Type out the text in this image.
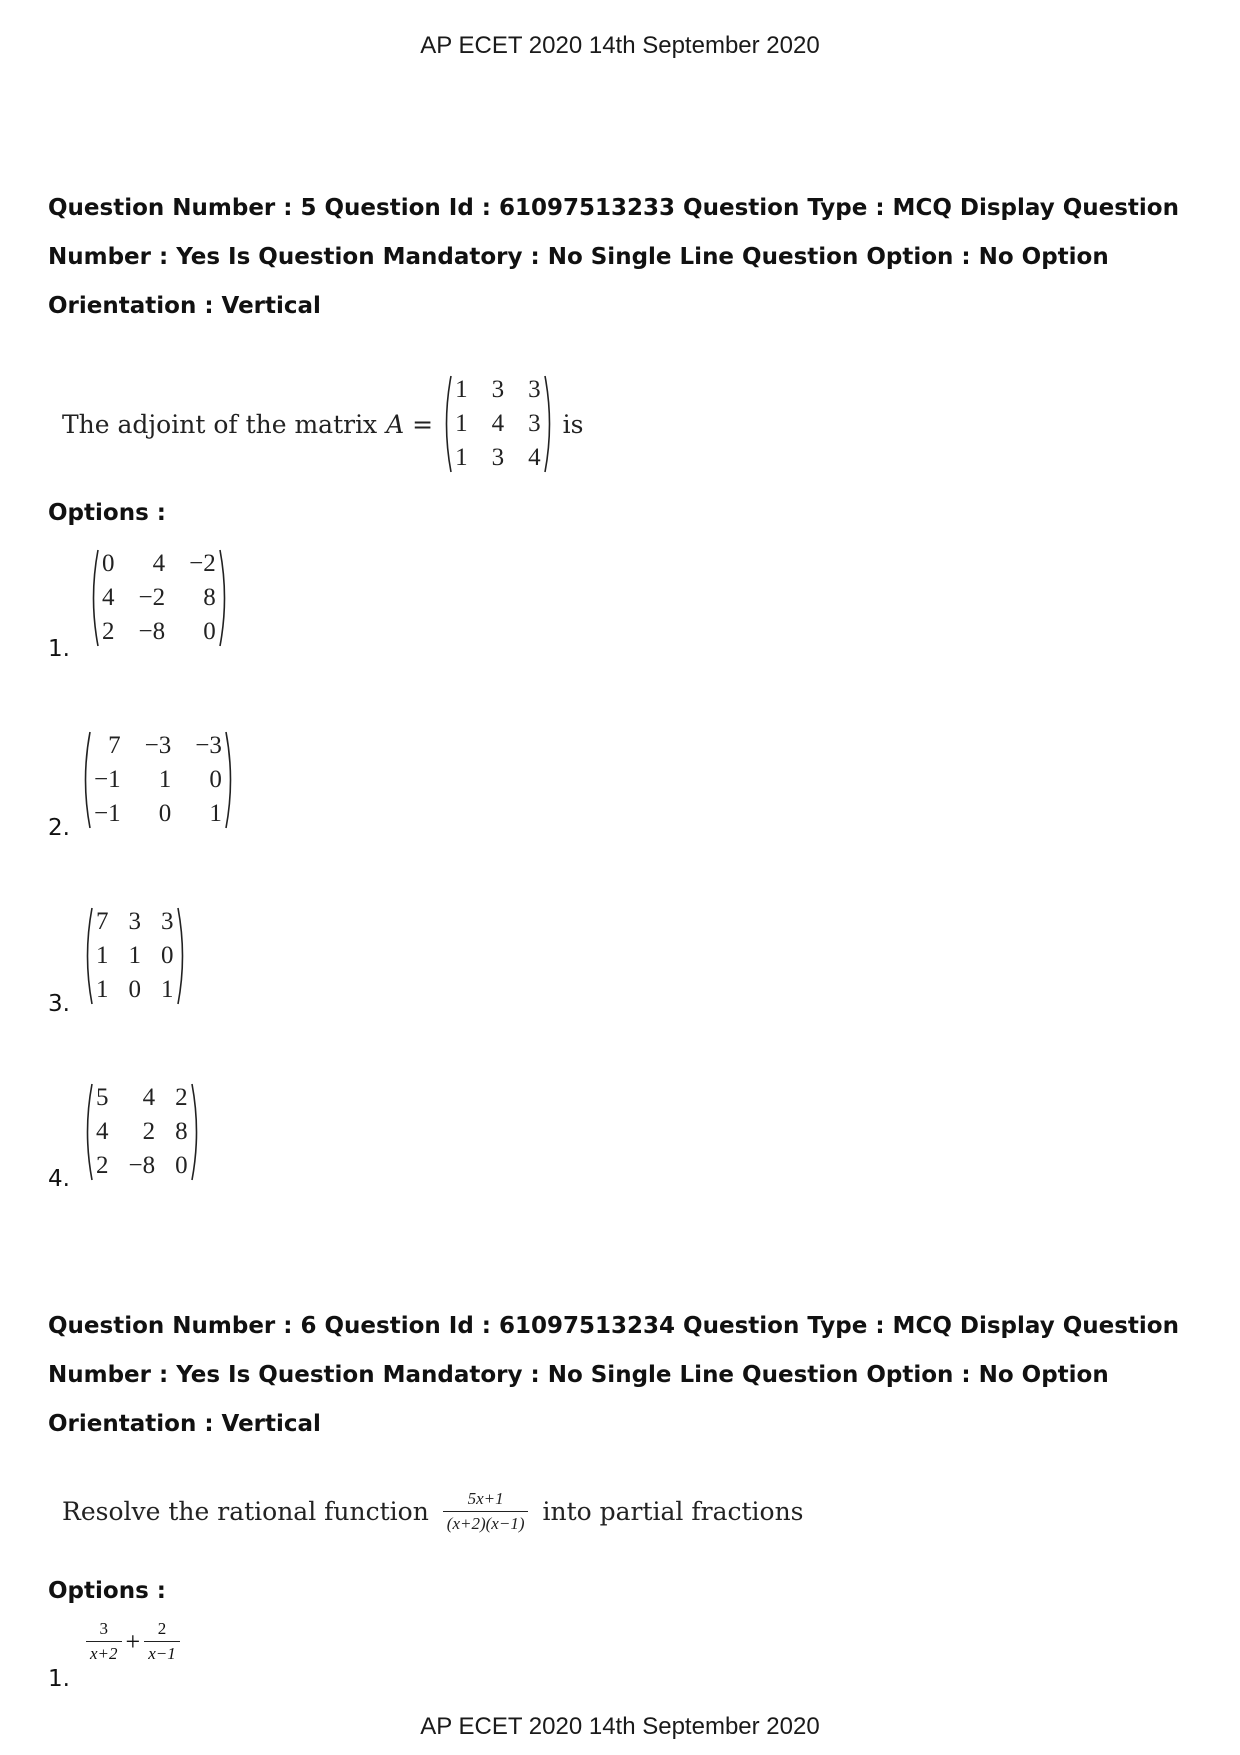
AP ECET 2020 14th September 2020
Question Number : 5 Question Id : 61097513233 Question Type : MCQ Display Question Number : Yes Is Question Mandatory : No Single Line Question Option : No Option Orientation : Vertical
The adjoint of the matrix A =
1 3 3
1 4 3
1 3 4
is
Options :
0	4 −2
4 −2	8
2 −8	0
1.
7 −3 −3
−1	1	0
−1	0	1
2.
7 3 3
1 1 0
1 0 1
3.
5	4 2
4	2 8
2 −8 0
4.
Question Number : 6 Question Id : 61097513234 Question Type : MCQ Display Question Number : Yes Is Question Mandatory : No Single Line Question Option : No Option Orientation : Vertical
Resolve the rational function $\frac{5x+1}{(x+2)(x-1)}$ into partial fractions
Options :
$\frac{3}{x+2} + \frac{2}{x-1}$
1.
AP ECET 2020 14th September 2020
